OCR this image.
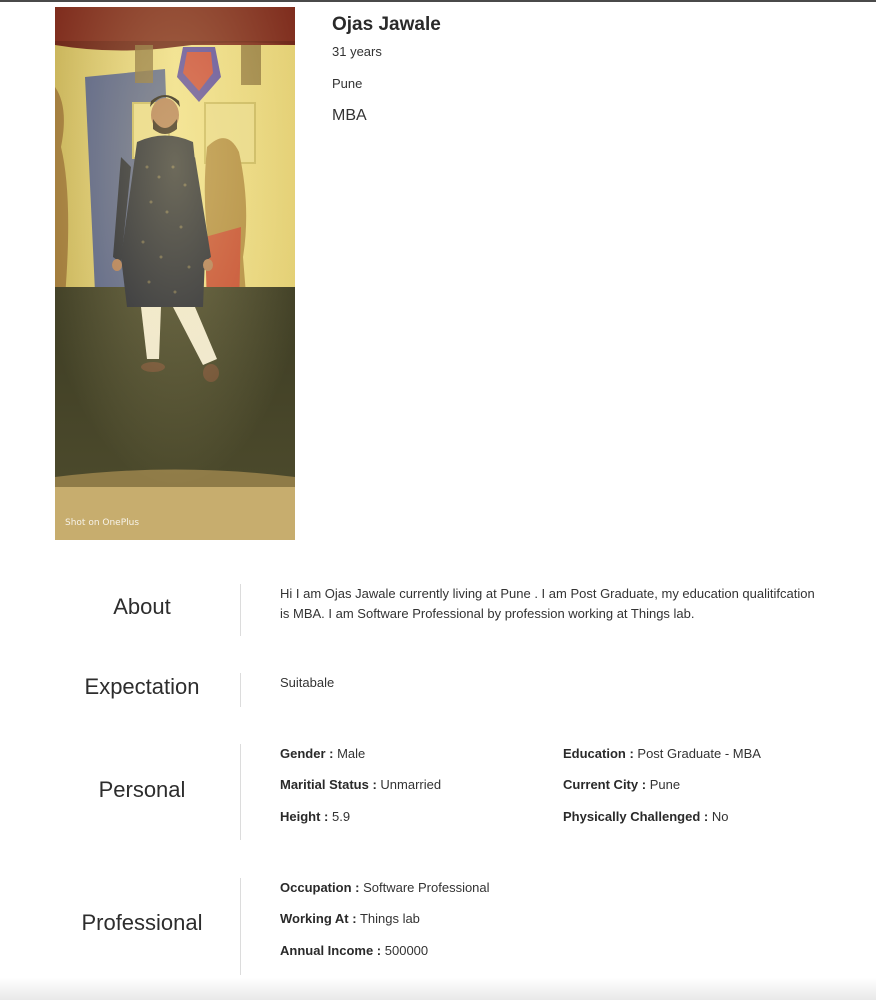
Shot on OnePlus
Ojas Jawale
31 years
Pune
MBA
About
Hi I am Ojas Jawale currently living at Pune . I am Post Graduate, my education qualitifcation is MBA. I am Software Professional by profession working at Things lab.
Expectation	Suitabale
Personal
Gender : Male
Maritial Status : Unmarried
Height : 5.9
Education : Post Graduate - MBA
Current City : Pune
Physically Challenged : No
Professional
Occupation : Software Professional
Working At : Things lab
Annual Income : 500000
